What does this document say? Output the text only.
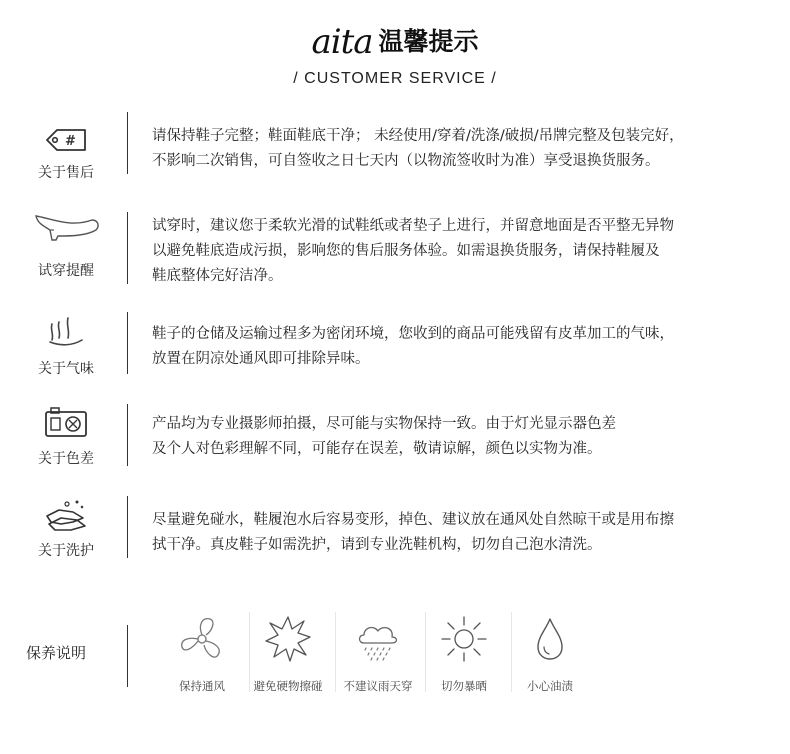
aita 温馨提示
/ CUSTOMER SERVICE /
#
关于售后
请保持鞋子完整；鞋面鞋底干净； 未经使用/穿着/洗涤/破损/吊牌完整及包装完好，
不影响二次销售，可自签收之日七天内（以物流签收时为准）享受退换货服务。
试穿提醒
试穿时，建议您于柔软光滑的试鞋纸或者垫子上进行，并留意地面是否平整无异物
以避免鞋底造成污损，影响您的售后服务体验。如需退换货服务，请保持鞋履及
鞋底整体完好洁净。
关于气味
鞋子的仓储及运输过程多为密闭环境，您收到的商品可能残留有皮革加工的气味，
放置在阴凉处通风即可排除异味。
关于色差
产品均为专业摄影师拍摄，尽可能与实物保持一致。由于灯光显示器色差
及个人对色彩理解不同，可能存在误差，敬请谅解，颜色以实物为准。
关于洗护
尽量避免碰水，鞋履泡水后容易变形，掉色、建议放在通风处自然晾干或是用布擦
拭干净。真皮鞋子如需洗护，请到专业洗鞋机构，切勿自己泡水清洗。
保养说明
保持通风	避免硬物擦碰	不建议雨天穿	切勿暴晒	小心油渍
